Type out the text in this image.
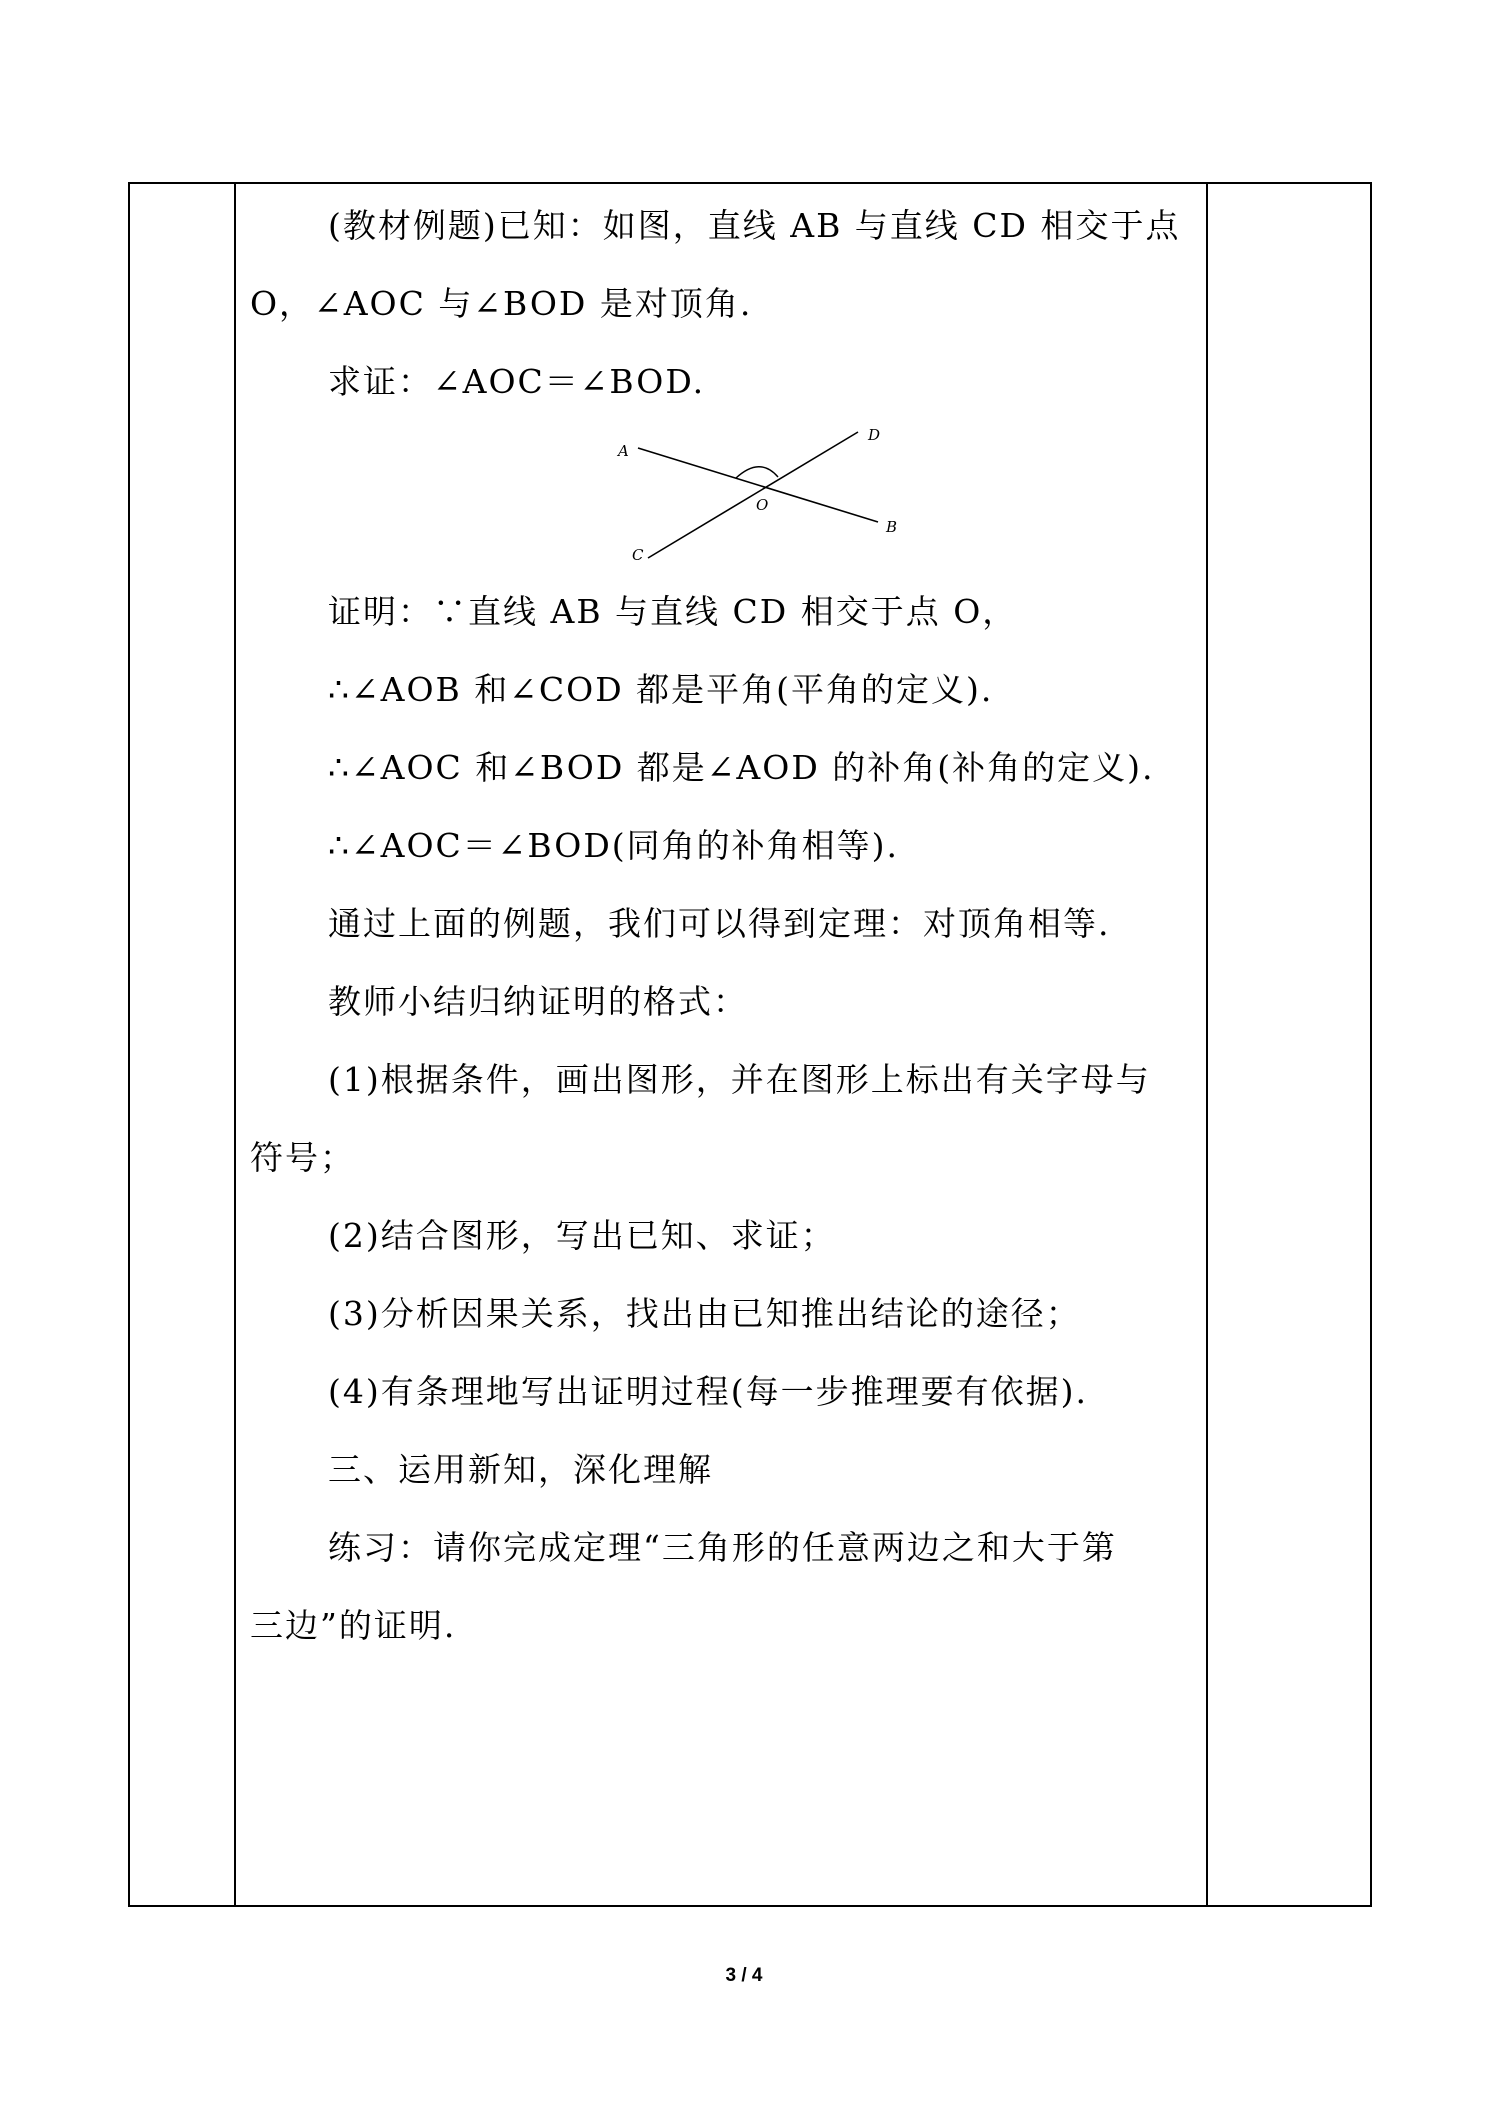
(教材例题)已知：如图，直线 AB 与直线 CD 相交于点
O，∠AOC 与∠BOD 是对顶角.
求证：∠AOC＝∠BOD.
证明：∵直线 AB 与直线 CD 相交于点 O，
∴∠AOB 和∠COD 都是平角(平角的定义).
∴∠AOC 和∠BOD 都是∠AOD 的补角(补角的定义).
∴∠AOC＝∠BOD(同角的补角相等).
通过上面的例题，我们可以得到定理：对顶角相等.
教师小结归纳证明的格式：
(1)根据条件，画出图形，并在图形上标出有关字母与
符号；
(2)结合图形，写出已知、求证；
(3)分析因果关系，找出由已知推出结论的途径；
(4)有条理地写出证明过程(每一步推理要有依据).
三、运用新知，深化理解
练习：请你完成定理“三角形的任意两边之和大于第
三边”的证明.
A
B
C
D
O
3 / 4
